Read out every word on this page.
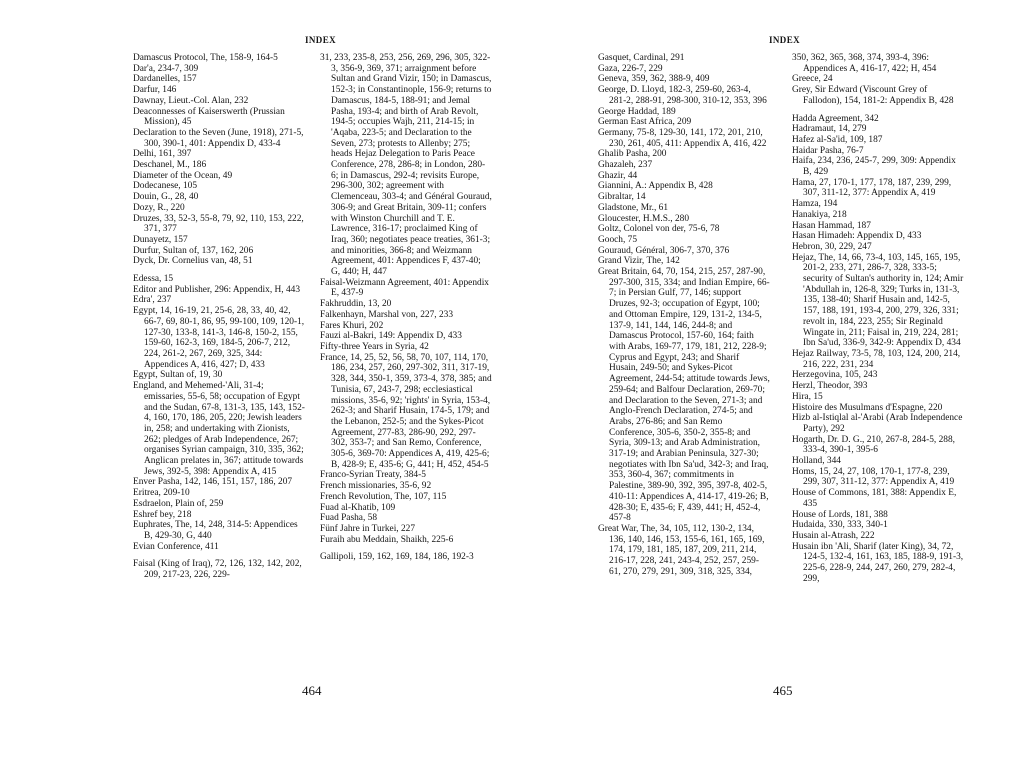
INDEX
Damascus Protocol, The, 158-9, 164-5
Dar'a, 234-7, 309
Dardanelles, 157
Darfur, 146
Dawnay, Lieut.-Col. Alan, 232
Deaconnesses of Kaiserswerth (Prussian Mission), 45
Declaration to the Seven (June, 1918), 271-5, 300, 390-1, 401: Appendix D, 433-4
Delhi, 161, 397
Deschanel, M., 186
Diameter of the Ocean, 49
Dodecanese, 105
Douin, G., 28, 40
Dozy, R., 220
Druzes, 33, 52-3, 55-8, 79, 92, 110, 153, 222, 371, 377
Dunayetz, 157
Durfur, Sultan of, 137, 162, 206
Dyck, Dr. Cornelius van, 48, 51
Edessa, 15
Editor and Publisher, 296: Appendix, H, 443
Edra', 237
Egypt, 14, 16-19, 21, 25-6, 28, 33, 40, 42, 66-7, 69, 80-1, 86, 95, 99-100, 109, 120-1, 127-30, 133-8, 141-3, 146-8, 150-2, 155, 159-60, 162-3, 169, 184-5, 206-7, 212, 224, 261-2, 267, 269, 325, 344: Appendices A, 416, 427; D, 433
Egypt, Sultan of, 19, 30
England, and Mehemed-'Ali, 31-4; emissaries, 55-6, 58; occupation of Egypt and the Sudan, 67-8, 131-3, 135, 143, 152-4, 160, 170, 186, 205, 220; Jewish leaders in, 258; and undertaking with Zionists, 262; pledges of Arab Independence, 267; organises Syrian campaign, 310, 335, 362; Anglican prelates in, 367; attitude towards Jews, 392-5, 398: Appendix A, 415
Enver Pasha, 142, 146, 151, 157, 186, 207
Eritrea, 209-10
Esdraelon, Plain of, 259
Eshref bey, 218
Euphrates, The, 14, 248, 314-5: Appendices B, 429-30, G, 440
Evian Conference, 411
Faisal (King of Iraq), 72, 126, 132, 142, 202, 209, 217-23, 226, 229-
31, 233, 235-8, 253, 256, 269, 296, 305, 322-3, 356-9, 369, 371; arraignment before Sultan and Grand Vizir, 150; in Damascus, 152-3; in Constantinople, 156-9; returns to Damascus, 184-5, 188-91; and Jemal Pasha, 193-4; and birth of Arab Revolt, 194-5; occupies Wajh, 211, 214-15; in 'Aqaba, 223-5; and Declaration to the Seven, 273; protests to Allenby; 275; heads Hejaz Delegation to Paris Peace Conference, 278, 286-8; in London, 280-6; in Damascus, 292-4; revisits Europe, 296-300, 302; agreement with Clemenceau, 303-4; and Général Gouraud, 306-9; and Great Britain, 309-11; confers with Winston Churchill and T. E. Lawrence, 316-17; proclaimed King of Iraq, 360; negotiates peace treaties, 361-3; and minorities, 366-8; and Weizmann Agreement, 401: Appendices F, 437-40; G, 440; H, 447
Faisal-Weizmann Agreement, 401: Appendix E, 437-9
Fakhruddin, 13, 20
Falkenhayn, Marshal von, 227, 233
Fares Khuri, 202
Fauzi al-Bakri, 149: Appendix D, 433
Fifty-three Years in Syria, 42
France, 14, 25, 52, 56, 58, 70, 107, 114, 170, 186, 234, 257, 260, 297-302, 311, 317-19, 328, 344, 350-1, 359, 373-4, 378, 385; and Tunisia, 67, 243-7, 298; ecclesiastical missions, 35-6, 92; 'rights' in Syria, 153-4, 262-3; and Sharif Husain, 174-5, 179; and the Lebanon, 252-5; and the Sykes-Picot Agreement, 277-83, 286-90, 292, 297-302, 353-7; and San Remo, Conference, 305-6, 369-70: Appendices A, 419, 425-6; B, 428-9; E, 435-6; G, 441; H, 452, 454-5
Franco-Syrian Treaty, 384-5
French missionaries, 35-6, 92
French Revolution, The, 107, 115
Fuad al-Khatib, 109
Fuad Pasha, 58
Fünf Jahre in Turkei, 227
Furaih abu Meddain, Shaikh, 225-6
Gallipoli, 159, 162, 169, 184, 186, 192-3
464
INDEX
Gasquet, Cardinal, 291
Gaza, 226-7, 229
Geneva, 359, 362, 388-9, 409
George, D. Lloyd, 182-3, 259-60, 263-4, 281-2, 288-91, 298-300, 310-12, 353, 396
George Haddad, 189
German East Africa, 209
Germany, 75-8, 129-30, 141, 172, 201, 210, 230, 261, 405, 411: Appendix A, 416, 422
Ghalib Pasha, 200
Ghazaleh, 237
Ghazir, 44
Giannini, A.: Appendix B, 428
Gibraltar, 14
Gladstone, Mr., 61
Gloucester, H.M.S., 280
Goltz, Colonel von der, 75-6, 78
Gooch, 75
Gouraud, Général, 306-7, 370, 376
Grand Vizir, The, 142
Great Britain, 64, 70, 154, 215, 257, 287-90, 297-300, 315, 334; and Indian Empire, 66-7; in Persian Gulf, 77, 146; support Druzes, 92-3; occupation of Egypt, 100; and Ottoman Empire, 129, 131-2, 134-5, 137-9, 141, 144, 146, 244-8; and Damascus Protocol, 157-60, 164; faith with Arabs, 169-77, 179, 181, 212, 228-9; Cyprus and Egypt, 243; and Sharif Husain, 249-50; and Sykes-Picot Agreement, 244-54; attitude towards Jews, 259-64; and Balfour Declaration, 269-70; and Declaration to the Seven, 271-3; and Anglo-French Declaration, 274-5; and Arabs, 276-86; and San Remo Conference, 305-6, 350-2, 355-8; and Syria, 309-13; and Arab Administration, 317-19; and Arabian Peninsula, 327-30; negotiates with Ibn Sa'ud, 342-3; and Iraq, 353, 360-4, 367; commitments in Palestine, 389-90, 392, 395, 397-8, 402-5, 410-11: Appendices A, 414-17, 419-26; B, 428-30; E, 435-6; F, 439, 441; H, 452-4, 457-8
Great War, The, 34, 105, 112, 130-2, 134, 136, 140, 146, 153, 155-6, 161, 165, 169, 174, 179, 181, 185, 187, 209, 211, 214, 216-17, 228, 241, 243-4, 252, 257, 259-61, 270, 279, 291, 309, 318, 325, 334,
350, 362, 365, 368, 374, 393-4, 396: Appendices A, 416-17, 422; H, 454
Greece, 24
Grey, Sir Edward (Viscount Grey of Fallodon), 154, 181-2: Appendix B, 428
Hadda Agreement, 342
Hadramaut, 14, 279
Hafez al-Sa'id, 109, 187
Haidar Pasha, 76-7
Haifa, 234, 236, 245-7, 299, 309: Appendix B, 429
Hama, 27, 170-1, 177, 178, 187, 239, 299, 307, 311-12, 377: Appendix A, 419
Hamza, 194
Hanakiya, 218
Hasan Hammad, 187
Hasan Himadeh: Appendix D, 433
Hebron, 30, 229, 247
Hejaz, The, 14, 66, 73-4, 103, 145, 165, 195, 201-2, 233, 271, 286-7, 328, 333-5; security of Sultan's authority in, 124; Amir 'Abdullah in, 126-8, 329; Turks in, 131-3, 135, 138-40; Sharif Husain and, 142-5, 157, 188, 191, 193-4, 200, 279, 326, 331; revolt in, 184, 223, 255; Sir Reginald Wingate in, 211; Faisal in, 219, 224, 281; Ibn Sa'ud, 336-9, 342-9: Appendix D, 434
Hejaz Railway, 73-5, 78, 103, 124, 200, 214, 216, 222, 231, 234
Herzegovina, 105, 243
Herzl, Theodor, 393
Hira, 15
Histoire des Musulmans d'Espagne, 220
Hizb al-Istiqlal al-'Arabi (Arab Independence Party), 292
Hogarth, Dr. D. G., 210, 267-8, 284-5, 288, 333-4, 390-1, 395-6
Holland, 344
Homs, 15, 24, 27, 108, 170-1, 177-8, 239, 299, 307, 311-12, 377: Appendix A, 419
House of Commons, 181, 388: Appendix E, 435
House of Lords, 181, 388
Hudaida, 330, 333, 340-1
Husain al-Atrash, 222
Husain ibn 'Ali, Sharif (later King), 34, 72, 124-5, 132-4, 161, 163, 185, 188-9, 191-3, 225-6, 228-9, 244, 247, 260, 279, 282-4, 299,
465
